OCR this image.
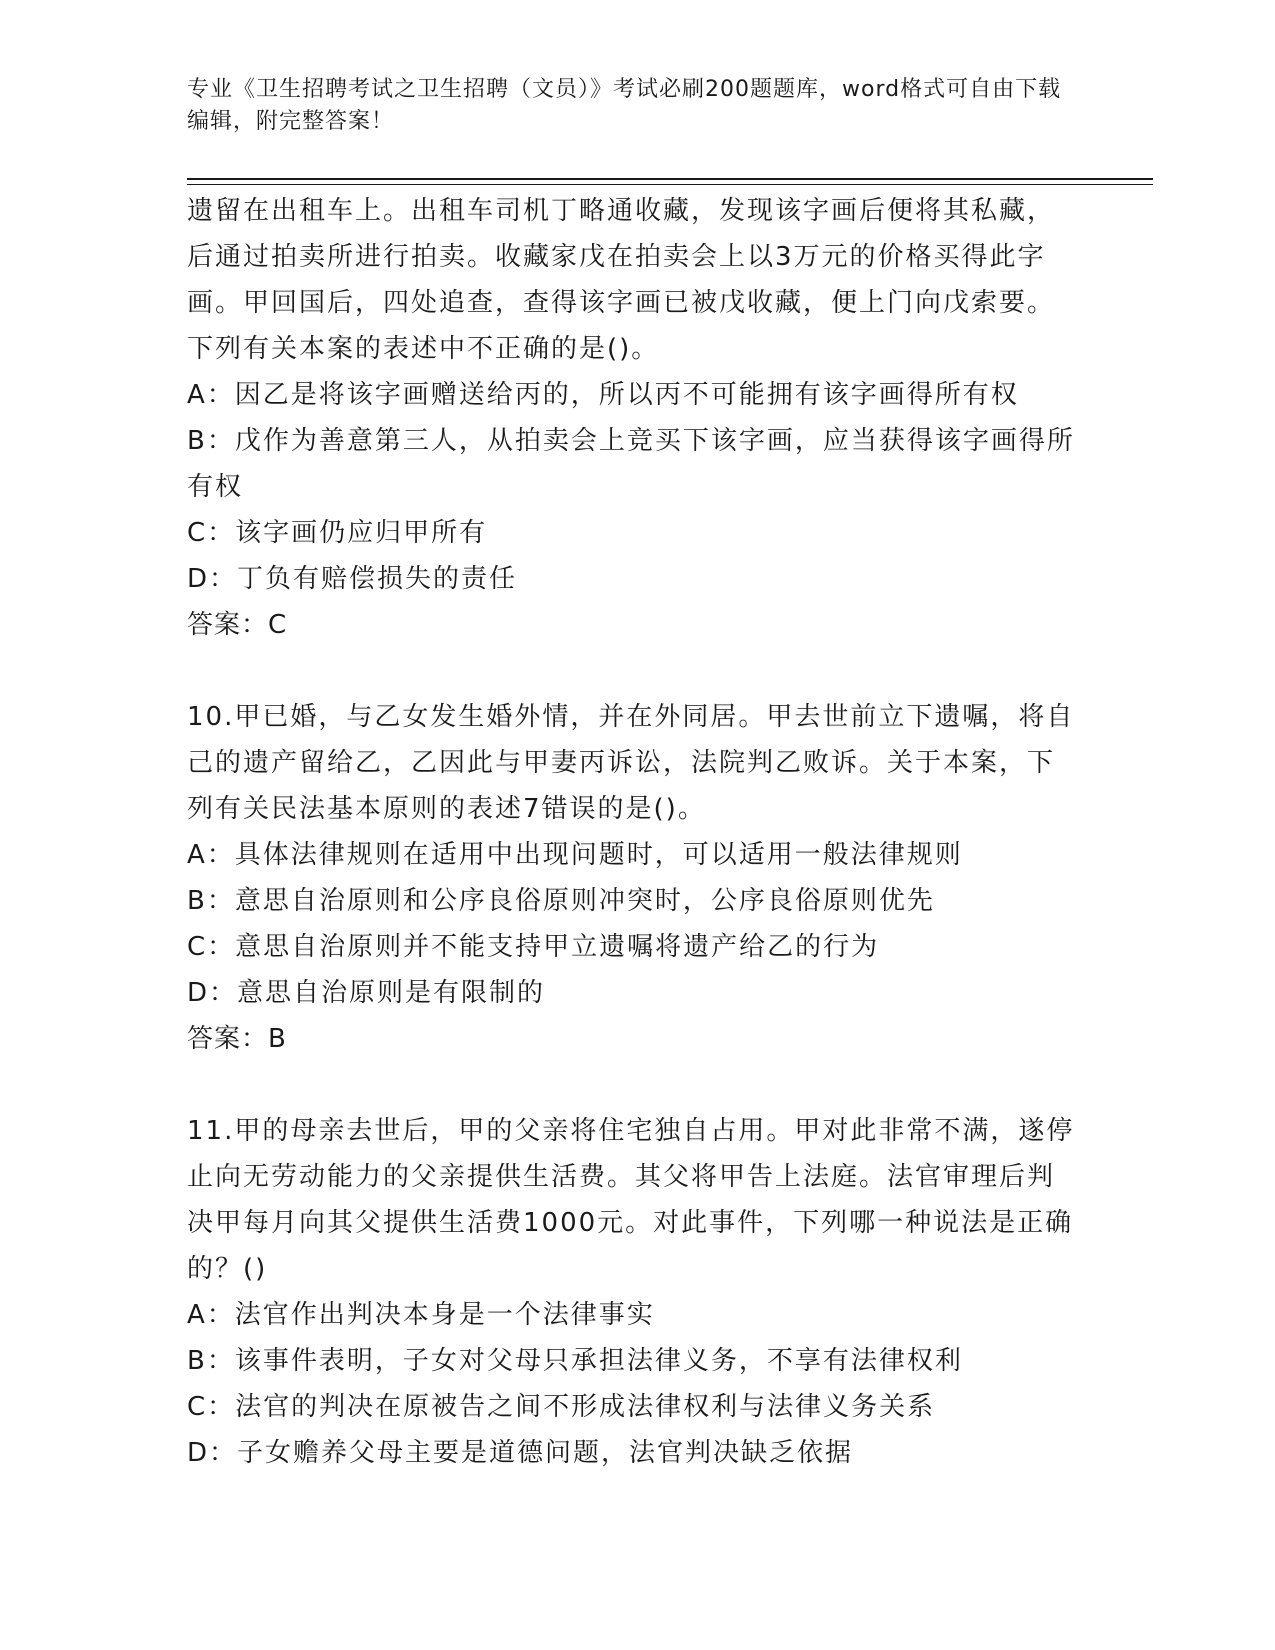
专业《卫生招聘考试之卫生招聘（文员）》考试必刷200题题库，word格式可自由下载编辑，附完整答案！

遗留在出租车上。出租车司机丁略通收藏，发现该字画后便将其私藏，后通过拍卖所进行拍卖。收藏家戊在拍卖会上以3万元的价格买得此字画。甲回国后，四处追查，查得该字画已被戊收藏，便上门向戊索要。下列有关本案的表述中不正确的是()。

A：因乙是将该字画赠送给丙的，所以丙不可能拥有该字画得所有权

B：戊作为善意第三人，从拍卖会上竞买下该字画，应当获得该字画得所有权

C：该字画仍应归甲所有

D：丁负有赔偿损失的责任

答案：C

10.甲已婚，与乙女发生婚外情，并在外同居。甲去世前立下遗嘱，将自己的遗产留给乙，乙因此与甲妻丙诉讼，法院判乙败诉。关于本案，下列有关民法基本原则的表述7错误的是()。

A：具体法律规则在适用中出现问题时，可以适用一般法律规则

B：意思自治原则和公序良俗原则冲突时，公序良俗原则优先

C：意思自治原则并不能支持甲立遗嘱将遗产给乙的行为

D：意思自治原则是有限制的

答案：B

11.甲的母亲去世后，甲的父亲将住宅独自占用。甲对此非常不满，遂停止向无劳动能力的父亲提供生活费。其父将甲告上法庭。法官审理后判决甲每月向其父提供生活费1000元。对此事件，下列哪一种说法是正确的？()

A：法官作出判决本身是一个法律事实

B：该事件表明，子女对父母只承担法律义务，不享有法律权利

C：法官的判决在原被告之间不形成法律权利与法律义务关系

D：子女赡养父母主要是道德问题，法官判决缺乏依据
